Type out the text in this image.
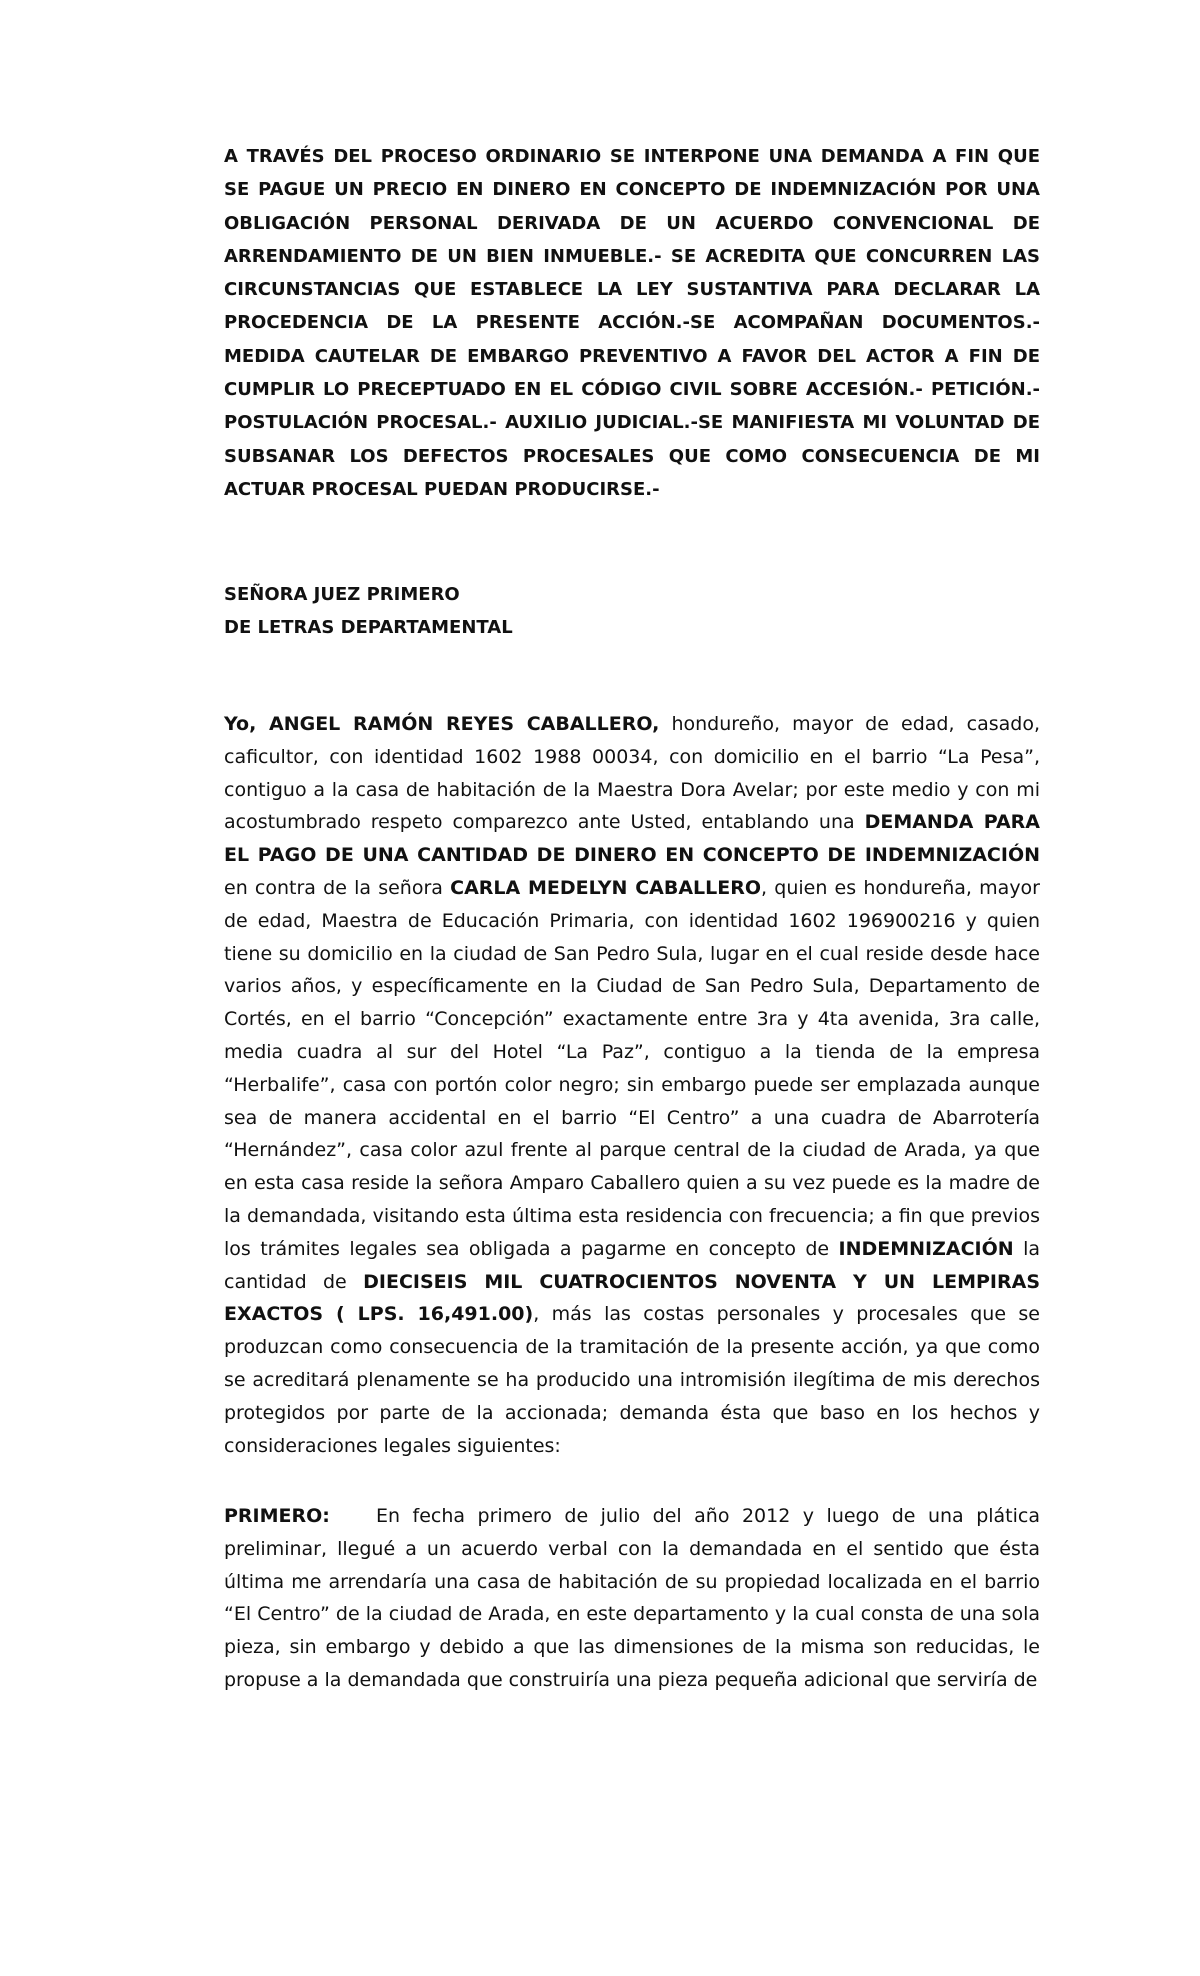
A TRAVÉS DEL PROCESO ORDINARIO SE INTERPONE UNA DEMANDA A FIN QUE SE PAGUE UN PRECIO EN DINERO EN CONCEPTO DE INDEMNIZACIÓN POR UNA OBLIGACIÓN PERSONAL DERIVADA DE UN ACUERDO CONVENCIONAL DE ARRENDAMIENTO DE UN BIEN INMUEBLE.- SE ACREDITA QUE CONCURREN LAS CIRCUNSTANCIAS QUE ESTABLECE LA LEY SUSTANTIVA PARA DECLARAR LA PROCEDENCIA DE LA PRESENTE ACCIÓN.-SE ACOMPAÑAN DOCUMENTOS.- MEDIDA CAUTELAR DE EMBARGO PREVENTIVO A FAVOR DEL ACTOR A FIN DE CUMPLIR LO PRECEPTUADO EN EL CÓDIGO CIVIL SOBRE ACCESIÓN.- PETICIÓN.- POSTULACIÓN PROCESAL.- AUXILIO JUDICIAL.-SE MANIFIESTA MI VOLUNTAD DE SUBSANAR LOS DEFECTOS PROCESALES QUE COMO CONSECUENCIA DE MI ACTUAR PROCESAL PUEDAN PRODUCIRSE.-

SEÑORA JUEZ PRIMERO
DE LETRAS DEPARTAMENTAL

Yo, ANGEL RAMÓN REYES CABALLERO, hondureño, mayor de edad, casado, caficultor, con identidad 1602 1988 00034, con domicilio en el barrio “La Pesa”, contiguo a la casa de habitación de la Maestra Dora Avelar; por este medio y con mi acostumbrado respeto comparezco ante Usted, entablando una DEMANDA PARA EL PAGO DE UNA CANTIDAD DE DINERO EN CONCEPTO DE INDEMNIZACIÓN en contra de la señora CARLA MEDELYN CABALLERO, quien es hondureña, mayor de edad, Maestra de Educación Primaria, con identidad 1602 196900216 y quien tiene su domicilio en la ciudad de San Pedro Sula, lugar en el cual reside desde hace varios años, y específicamente en la Ciudad de San Pedro Sula, Departamento de Cortés, en el barrio “Concepción” exactamente entre 3ra y 4ta avenida, 3ra calle, media cuadra al sur del Hotel “La Paz”, contiguo a la tienda de la empresa “Herbalife”, casa con portón color negro; sin embargo puede ser emplazada aunque sea de manera accidental en el barrio “El Centro” a una cuadra de Abarrotería “Hernández”, casa color azul frente al parque central de la ciudad de Arada, ya que en esta casa reside la señora Amparo Caballero quien a su vez puede es la madre de la demandada, visitando esta última esta residencia con frecuencia; a fin que previos los trámites legales sea obligada a pagarme en concepto de INDEMNIZACIÓN la cantidad de DIECISEIS MIL CUATROCIENTOS NOVENTA Y UN LEMPIRAS EXACTOS ( LPS. 16,491.00), más las costas personales y procesales que se produzcan como consecuencia de la tramitación de la presente acción, ya que como se acreditará plenamente se ha producido una intromisión ilegítima de mis derechos protegidos por parte de la accionada; demanda ésta que baso en los hechos y consideraciones legales siguientes:

PRIMERO: En fecha primero de julio del año 2012 y luego de una plática preliminar, llegué a un acuerdo verbal con la demandada en el sentido que ésta última me arrendaría una casa de habitación de su propiedad localizada en el barrio “El Centro” de la ciudad de Arada, en este departamento y la cual consta de una sola pieza, sin embargo y debido a que las dimensiones de la misma son reducidas, le propuse a la demandada que construiría una pieza pequeña adicional que serviría de
